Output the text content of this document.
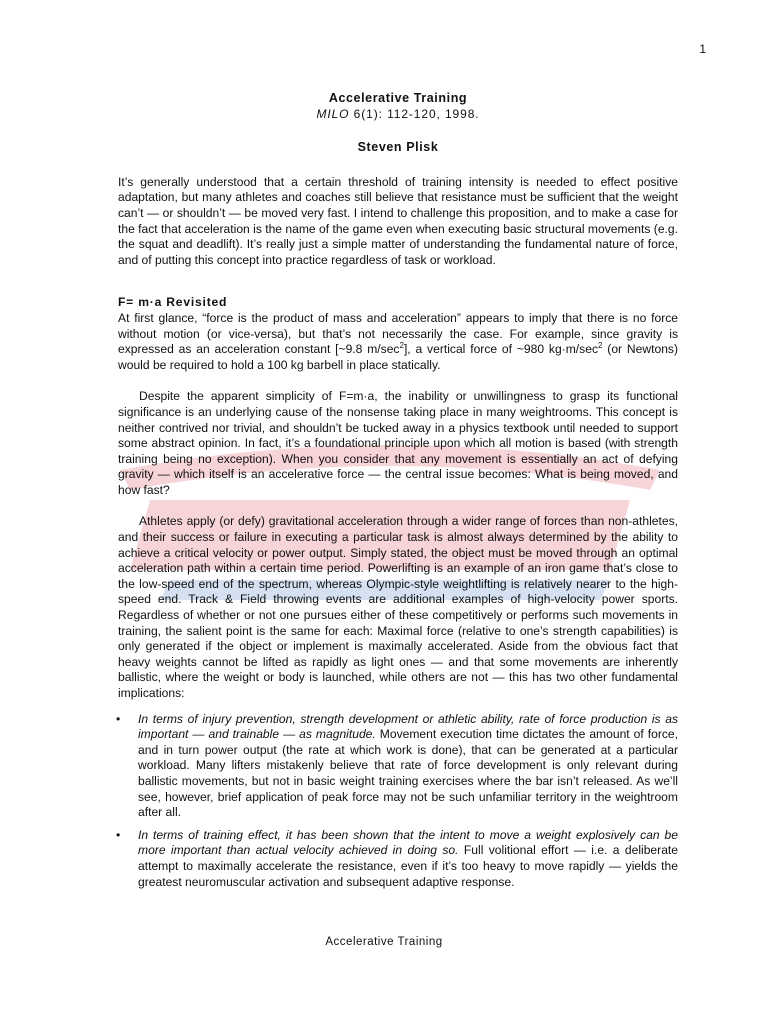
1
Accelerative Training
MILO 6(1): 112-120, 1998.
Steven Plisk

It’s generally understood that a certain threshold of training intensity is needed to effect positive adaptation, but many athletes and coaches still believe that resistance must be sufficient that the weight can’t — or shouldn’t — be moved very fast. I intend to challenge this proposition, and to make a case for the fact that acceleration is the name of the game even when executing basic structural movements (e.g. the squat and deadlift). It’s really just a simple matter of understanding the fundamental nature of force, and of putting this concept into practice regardless of task or workload.

F= m·a Revisited

At first glance, “force is the product of mass and acceleration” appears to imply that there is no force without motion (or vice-versa), but that’s not necessarily the case. For example, since gravity is expressed as an acceleration constant [~9.8 $m/\sec^2$], a vertical force of ~980 $kg\cdot m/\sec^2$ (or Newtons) would be required to hold a 100 kg barbell in place statically.

Despite the apparent simplicity of F=m·a, the inability or unwillingness to grasp its functional significance is an underlying cause of the nonsense taking place in many weightrooms. This concept is neither contrived nor trivial, and shouldn’t be tucked away in a physics textbook until needed to support some abstract opinion. In fact, it’s a foundational principle upon which all motion is based (with strength training being no exception). When you consider that any movement is essentially an act of defying gravity — which itself is an accelerative force — the central issue becomes: What is being moved, and how fast?

Athletes apply (or defy) gravitational acceleration through a wider range of forces than non-athletes, and their success or failure in executing a particular task is almost always determined by the ability to achieve a critical velocity or power output. Simply stated, the object must be moved through an optimal acceleration path within a certain time period. Powerlifting is an example of an iron game that’s close to the low-speed end of the spectrum, whereas Olympic-style weightlifting is relatively nearer to the high-speed end. Track & Field throwing events are additional examples of high-velocity power sports. Regardless of whether or not one pursues either of these competitively or performs such movements in training, the salient point is the same for each: Maximal force (relative to one’s strength capabilities) is only generated if the object or implement is maximally accelerated. Aside from the obvious fact that heavy weights cannot be lifted as rapidly as light ones — and that some movements are inherently ballistic, where the weight or body is launched, while others are not — this has two other fundamental implications:

• In terms of injury prevention, strength development or athletic ability, rate of force production is as important — and trainable — as magnitude. Movement execution time dictates the amount of force, and in turn power output (the rate at which work is done), that can be generated at a particular workload. Many lifters mistakenly believe that rate of force development is only relevant during ballistic movements, but not in basic weight training exercises where the bar isn’t released. As we’ll see, however, brief application of peak force may not be such unfamiliar territory in the weightroom after all.
• In terms of training effect, it has been shown that the intent to move a weight explosively can be more important than actual velocity achieved in doing so. Full volitional effort — i.e. a deliberate attempt to maximally accelerate the resistance, even if it’s too heavy to move rapidly — yields the greatest neuromuscular activation and subsequent adaptive response.
Accelerative Training
